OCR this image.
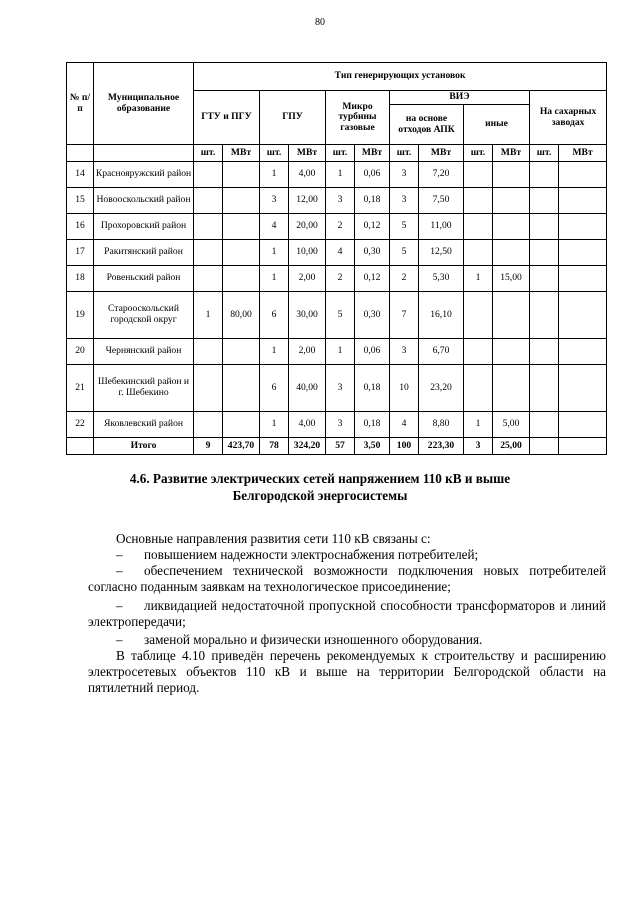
80
№ п/п	Муниципальное образование	Тип генерирующих установок											
		ГТУ и ПГУ		ГПУ		Микро турбины газовые		ВИЭ				На сахарных заводах	
								на основе отходов АПК		иные			
		шт.	МВт	шт.	МВт	шт.	МВт	шт.	МВт	шт.	МВт	шт.	МВт
14	Краснояружский район			1	4,00	1	0,06	3	7,20				
15	Новооскольский район			3	12,00	3	0,18	3	7,50				
16	Прохоровский район			4	20,00	2	0,12	5	11,00				
17	Ракитянский район			1	10,00	4	0,30	5	12,50				
18	Ровеньский район			1	2,00	2	0,12	2	5,30	1	15,00		
19	Старооскольский городской округ	1	80,00	6	30,00	5	0,30	7	16,10				
20	Чернянский район			1	2,00	1	0,06	3	6,70				
21	Шебекинский район и г. Шебекино			6	40,00	3	0,18	10	23,20				
22	Яковлевский район			1	4,00	3	0,18	4	8,80	1	5,00		
	Итого	9	423,70	78	324,20	57	3,50	100	223,30	3	25,00		
4.6. Развитие электрических сетей напряжением 110 кВ и выше
Белгородской энергосистемы

Основные направления развития сети 110 кВ связаны с:

– повышением надежности электроснабжения потребителей;

– обеспечением технической возможности подключения новых потребителей согласно поданным заявкам на технологическое присоединение;

– ликвидацией недостаточной пропускной способности трансформаторов и линий электропередачи;

– заменой морально и физически изношенного оборудования.

В таблице 4.10 приведён перечень рекомендуемых к строительству и расширению электросетевых объектов 110 кВ и выше на территории Белгородской области на пятилетний период.
